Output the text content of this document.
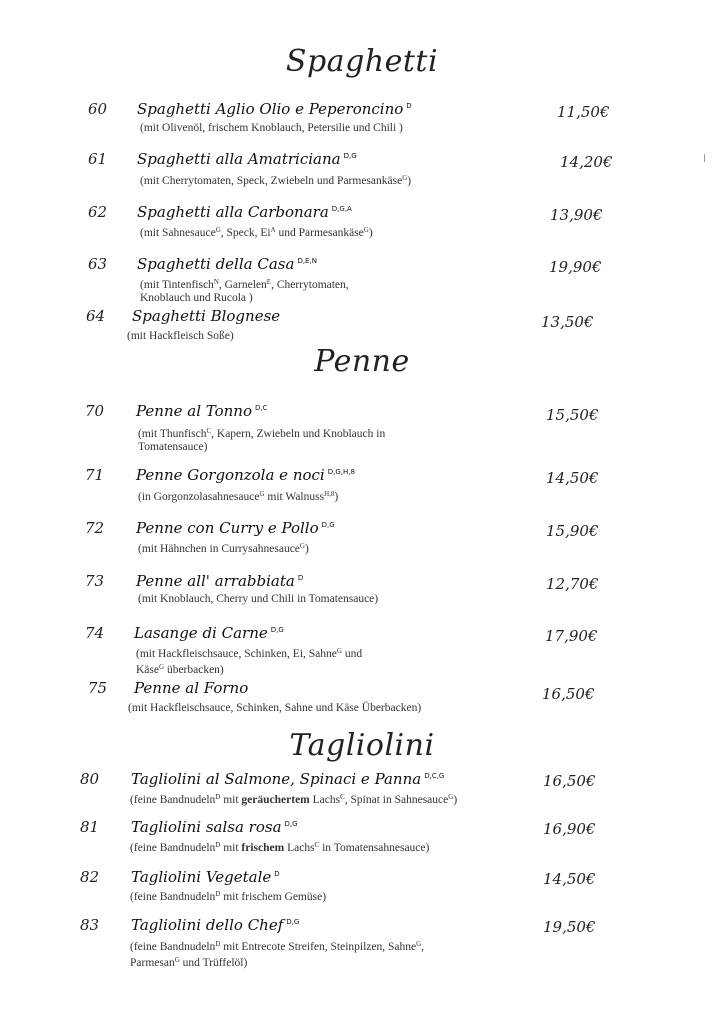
Spaghetti
60 Spaghetti Aglio Olio e Peperoncino $^D$
(mit Olivenöl, frischem Knoblauch, Petersilie und Chili )
11,50€
61 Spaghetti alla Amatriciana $^{D,G}$
(mit Cherrytomaten, Speck, Zwiebeln und Parmesankäse$^G$)
14,20€
62 Spaghetti alla Carbonara $^{D,G,A}$
(mit Sahnesauce$^G$, Speck, $Ei^A$ und Parmesankäse$^G$)
13,90€
63 Spaghetti della Casa $^{D,E,N}$
(mit Tintenfisch$^N$, Garnelen$^E$, Cherrytomaten,
Knoblauch und Rucola )
19,90€
64 Spaghetti Blognese
(mit Hackfleisch Soße)
13,50€
Penne
70 Penne al Tonno $^{D,C}$
(mit Thunfisch$^C$, Kapern, Zwiebeln und Knoblauch in
Tomatensauce)
15,50€
71 Penne Gorgonzola e noci $^{D,G,H,8}$
(in Gorgonzolasahnesauce$^G$ mit Walnuss$^{H,8}$)
14,50€
72 Penne con Curry e Pollo $^{D,G}$
(mit Hähnchen in Currysahnesauce$^G$)
15,90€
73 Penne all' arrabbiata $^D$
(mit Knoblauch, Cherry und Chili in Tomatensauce)
12,70€
74 Lasange di Carne $^{D,G}$
(mit Hackfleischsauce, Schinken, Ei, Sahne$^G$ und
Käse$^G$ überbacken)
17,90€
75 Penne al Forno
(mit Hackfleischsauce, Schinken, Sahne und Käse Überbacken)
16,50€
Tagliolini
80 Tagliolini al Salmone, Spinaci e Panna $^{D,C,G}$
(feine Bandnudeln$^D$ mit geräuchertem Lachs$^C$, Spinat in Sahnesauce$^G$)
16,50€
81 Tagliolini salsa rosa $^{D,G}$
(feine Bandnudeln$^D$ mit frischem Lachs$^C$ in Tomatensahnesauce)
16,90€
82 Tagliolini Vegetale $^D$
(feine Bandnudeln$^D$ mit frischem Gemüse)
14,50€
83 Tagliolini dello Chef $^{D,G}$
(feine Bandnudeln$^D$ mit Entrecote Streifen, Steinpilzen, Sahne$^G$,
Parmesan$^G$ und Trüffelöl)
19,50€
